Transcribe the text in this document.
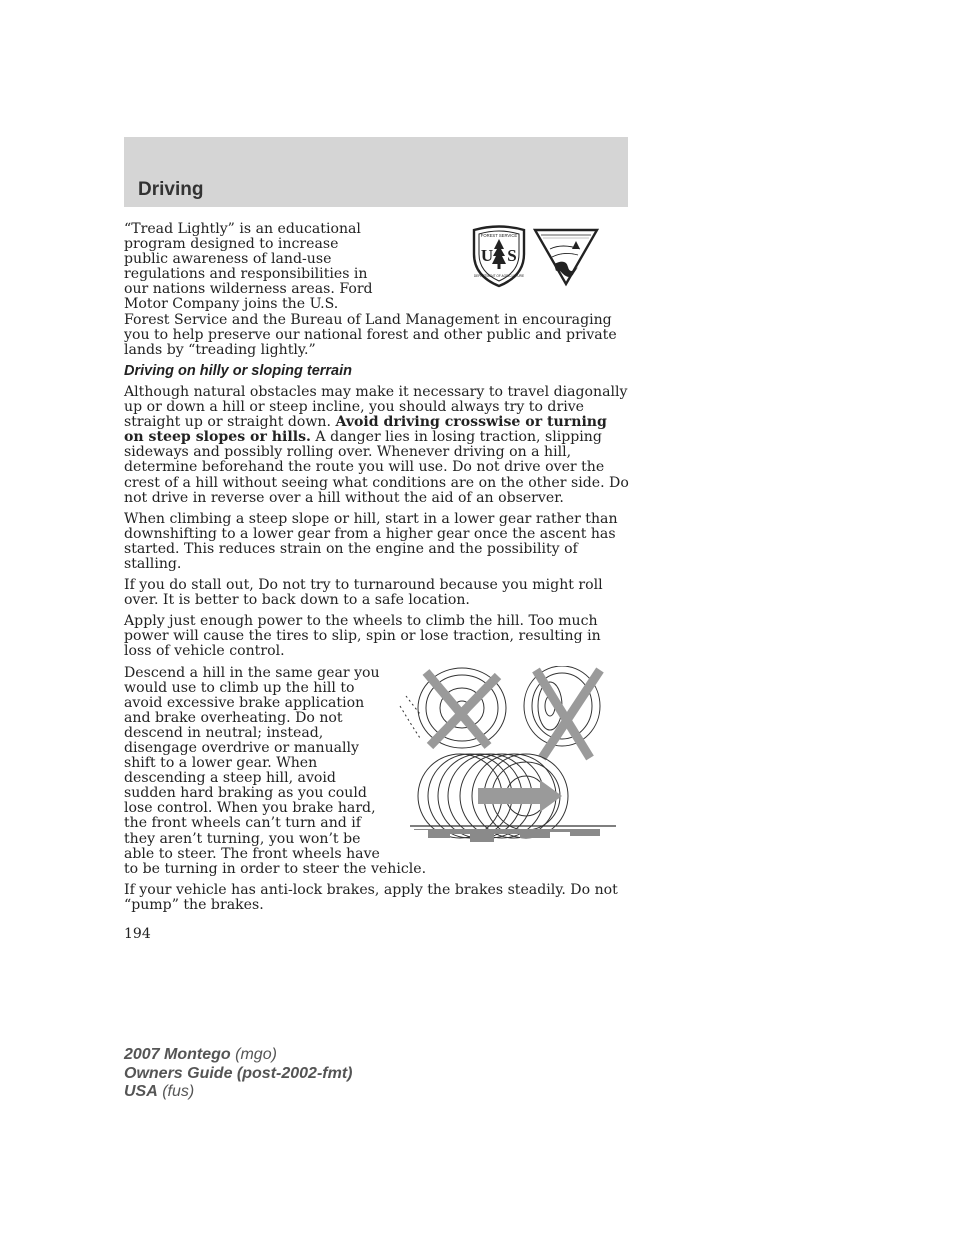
Driving
FOREST SERVICE
U S
DEPARTMENT OF AGRICULTURE

“Tread Lightly” is an educational program designed to increase public awareness of land-use regulations and responsibilities in our nations wilderness areas. Ford Motor Company joins the U.S. Forest Service and the Bureau of Land Management in encouraging you to help preserve our national forest and other public and private lands by “treading lightly.”

Driving on hilly or sloping terrain

Although natural obstacles may make it necessary to travel diagonally up or down a hill or steep incline, you should always try to drive straight up or straight down. Avoid driving crosswise or turning on steep slopes or hills. A danger lies in losing traction, slipping sideways and possibly rolling over. Whenever driving on a hill, determine beforehand the route you will use. Do not drive over the crest of a hill without seeing what conditions are on the other side. Do not drive in reverse over a hill without the aid of an observer.

When climbing a steep slope or hill, start in a lower gear rather than downshifting to a lower gear from a higher gear once the ascent has started. This reduces strain on the engine and the possibility of stalling.

If you do stall out, Do not try to turnaround because you might roll over. It is better to back down to a safe location.

Apply just enough power to the wheels to climb the hill. Too much power will cause the tires to slip, spin or lose traction, resulting in loss of vehicle control.

Descend a hill in the same gear you would use to climb up the hill to avoid excessive brake application and brake overheating. Do not descend in neutral; instead, disengage overdrive or manually shift to a lower gear. When descending a steep hill, avoid sudden hard braking as you could lose control. When you brake hard, the front wheels can’t turn and if they aren’t turning, you won’t be able to steer. The front wheels have to be turning in order to steer the vehicle.

If your vehicle has anti-lock brakes, apply the brakes steadily. Do not “pump” the brakes.

194

2007 Montego (mgo)
Owners Guide (post-2002-fmt)
USA (fus)
